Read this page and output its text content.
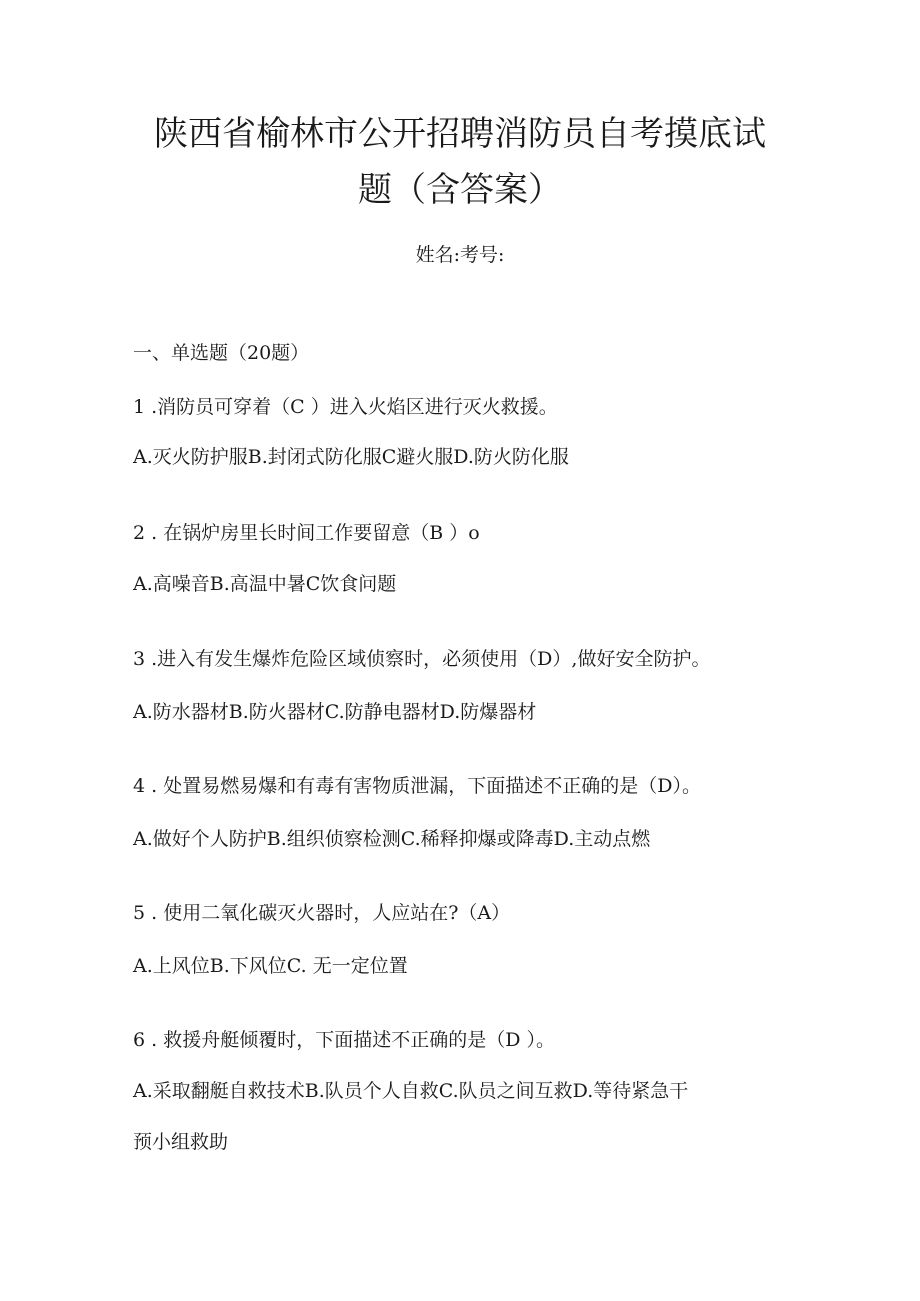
陕西省榆林市公开招聘消防员自考摸底试
题（含答案）
姓名:考号:
一、单选题（20题）
1 .消防员可穿着（C ）进入火焰区进行灭火救援。
A.灭火防护服B.封闭式防化服C避火服D.防火防化服
2 . 在锅炉房里长时间工作要留意（B ）o
A.高噪音B.高温中暑C饮食问题
3 .进入有发生爆炸危险区域侦察时，必须使用（D）,做好安全防护。
A.防水器材B.防火器材C.防静电器材D.防爆器材
4 . 处置易燃易爆和有毒有害物质泄漏，下面描述不正确的是（D）。
A.做好个人防护B.组织侦察检测C.稀释抑爆或降毒D.主动点燃
5 . 使用二氧化碳灭火器时，人应站在?（A）
A.上风位B.下风位C. 无一定位置
6 . 救援舟艇倾覆时，下面描述不正确的是（D ）。
A.采取翻艇自救技术B.队员个人自救C.队员之间互救D.等待紧急干
预小组救助
